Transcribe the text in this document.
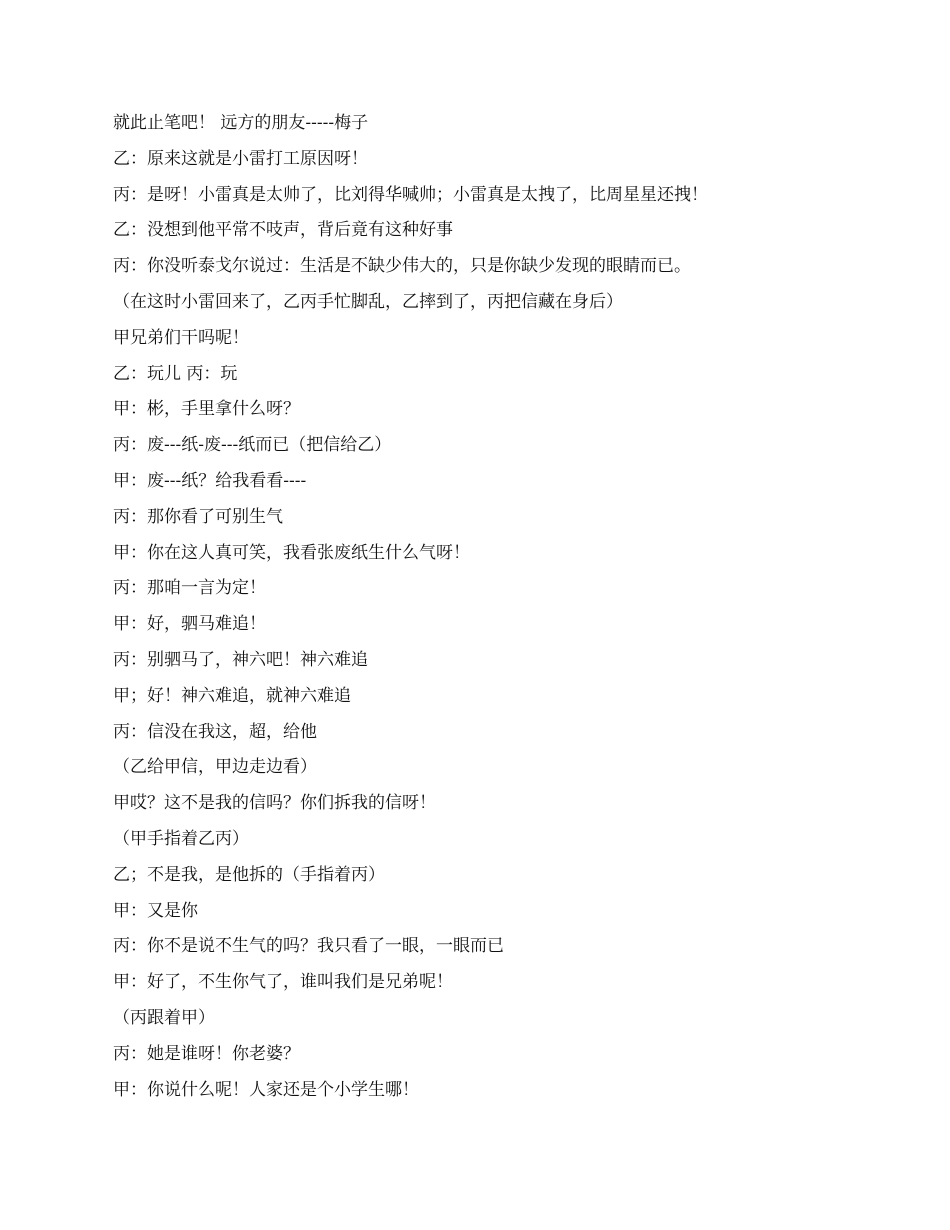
就此止笔吧！ 远方的朋友-----梅子
乙：原来这就是小雷打工原因呀！
丙：是呀！小雷真是太帅了，比刘得华喊帅；小雷真是太拽了，比周星星还拽！
乙：没想到他平常不吱声，背后竟有这种好事
丙：你没听泰戈尔说过：生活是不缺少伟大的，只是你缺少发现的眼睛而已。
（在这时小雷回来了，乙丙手忙脚乱，乙摔到了，丙把信藏在身后）
甲兄弟们干吗呢！
乙：玩儿 丙：玩
甲：彬，手里拿什么呀？
丙：废---纸-废---纸而已（把信给乙）
甲：废---纸？给我看看----
丙：那你看了可别生气
甲：你在这人真可笑，我看张废纸生什么气呀！
丙：那咱一言为定！
甲：好，驷马难追！
丙：别驷马了，神六吧！神六难追
甲；好！神六难追，就神六难追
丙：信没在我这，超，给他
（乙给甲信，甲边走边看）
甲哎？这不是我的信吗？你们拆我的信呀！
（甲手指着乙丙）
乙；不是我，是他拆的（手指着丙）
甲：又是你
丙：你不是说不生气的吗？我只看了一眼，一眼而已
甲：好了，不生你气了，谁叫我们是兄弟呢！
（丙跟着甲）
丙：她是谁呀！你老婆？
甲：你说什么呢！人家还是个小学生哪！
